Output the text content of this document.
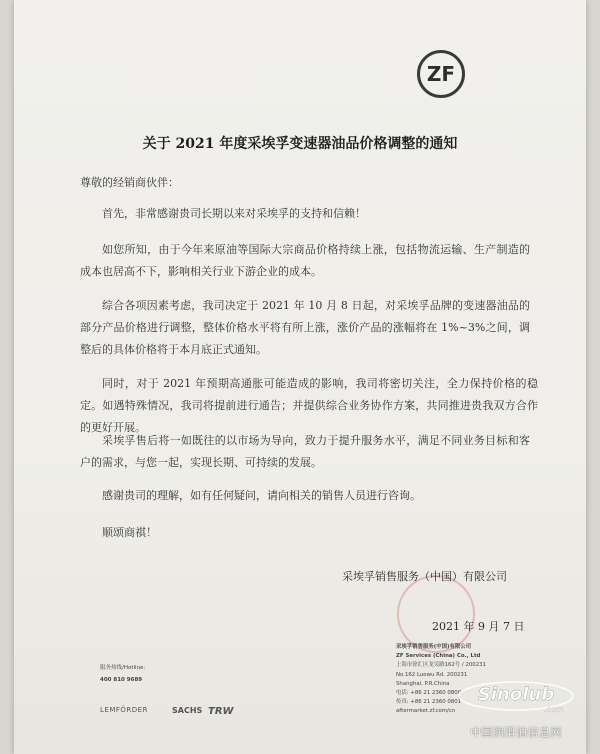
ZF
关于 2021 年度采埃孚变速器油品价格调整的通知
尊敬的经销商伙伴：
首先，非常感谢贵司长期以来对采埃孚的支持和信赖！
如您所知，由于今年来原油等国际大宗商品价格持续上涨，包括物流运输、生产制造的成本也居高不下，影响相关行业下游企业的成本。
综合各项因素考虑，我司决定于 2021 年 10 月 8 日起，对采埃孚品牌的变速器油品的部分产品价格进行调整，整体价格水平将有所上涨，涨价产品的涨幅将在 1%~3%之间，调整后的具体价格将于本月底正式通知。
同时，对于 2021 年预期高通胀可能造成的影响，我司将密切关注，全力保持价格的稳定。如遇特殊情况，我司将提前进行通告；并提供综合业务协作方案，共同推进贵我双方合作的更好开展。
采埃孚售后将一如既往的以市场为导向，致力于提升服务水平，满足不同业务目标和客户的需求，与您一起，实现长期、可持续的发展。
感谢贵司的理解，如有任何疑问，请向相关的销售人员进行咨询。
顺颂商祺！
采埃孚销售服务（中国）有限公司
2021 年 9 月 7 日
采埃孚销售服务(中国)有限公司
ZF Services (China) Co., Ltd
上海市徐汇区龙吴路162号 / 200231
No.162 Luowu Rd. 200231
Shanghai, P.R.China
电话: +86 21 2360 0800
传真: +86 21 2360 0801
aftermarket.zf.com/cn
服务热线/Hotline:
400 810 9689
LEMFÖRDER	SACHS TRW
Sinolub
.com
中国润滑油信息网
